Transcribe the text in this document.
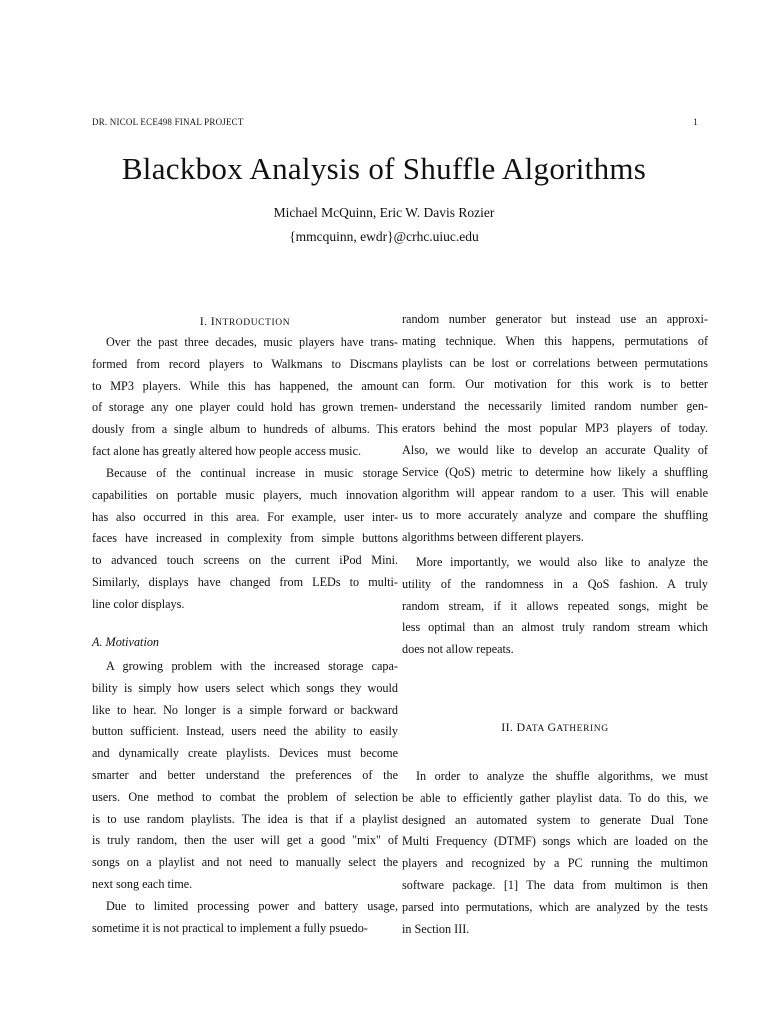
DR. NICOL ECE498 FINAL PROJECT	1
Blackbox Analysis of Shuffle Algorithms
Michael McQuinn, Eric W. Davis Rozier
{mmcquinn, ewdr}@crhc.uiuc.edu
I. INTRODUCTION
Over the past three decades, music players have trans-
formed from record players to Walkmans to Discmans
to MP3 players. While this has happened, the amount
of storage any one player could hold has grown tremen-
dously from a single album to hundreds of albums. This
fact alone has greatly altered how people access music.
Because of the continual increase in music storage
capabilities on portable music players, much innovation
has also occurred in this area. For example, user inter-
faces have increased in complexity from simple buttons
to advanced touch screens on the current iPod Mini.
Similarly, displays have changed from LEDs to multi-
line color displays.
A. Motivation
A growing problem with the increased storage capa-
bility is simply how users select which songs they would
like to hear. No longer is a simple forward or backward
button sufficient. Instead, users need the ability to easily
and dynamically create playlists. Devices must become
smarter and better understand the preferences of the
users. One method to combat the problem of selection
is to use random playlists. The idea is that if a playlist
is truly random, then the user will get a good "mix" of
songs on a playlist and not need to manually select the
next song each time.
Due to limited processing power and battery usage,
sometime it is not practical to implement a fully psuedo-
random number generator but instead use an approxi-
mating technique. When this happens, permutations of
playlists can be lost or correlations between permutations
can form. Our motivation for this work is to better
understand the necessarily limited random number gen-
erators behind the most popular MP3 players of today.
Also, we would like to develop an accurate Quality of
Service (QoS) metric to determine how likely a shuffling
algorithm will appear random to a user. This will enable
us to more accurately analyze and compare the shuffling
algorithms between different players.
More importantly, we would also like to analyze the
utility of the randomness in a QoS fashion. A truly
random stream, if it allows repeated songs, might be
less optimal than an almost truly random stream which
does not allow repeats.
II. DATA GATHERING
In order to analyze the shuffle algorithms, we must
be able to efficiently gather playlist data. To do this, we
designed an automated system to generate Dual Tone
Multi Frequency (DTMF) songs which are loaded on the
players and recognized by a PC running the multimon
software package. [1] The data from multimon is then
parsed into permutations, which are analyzed by the tests
in Section III.
